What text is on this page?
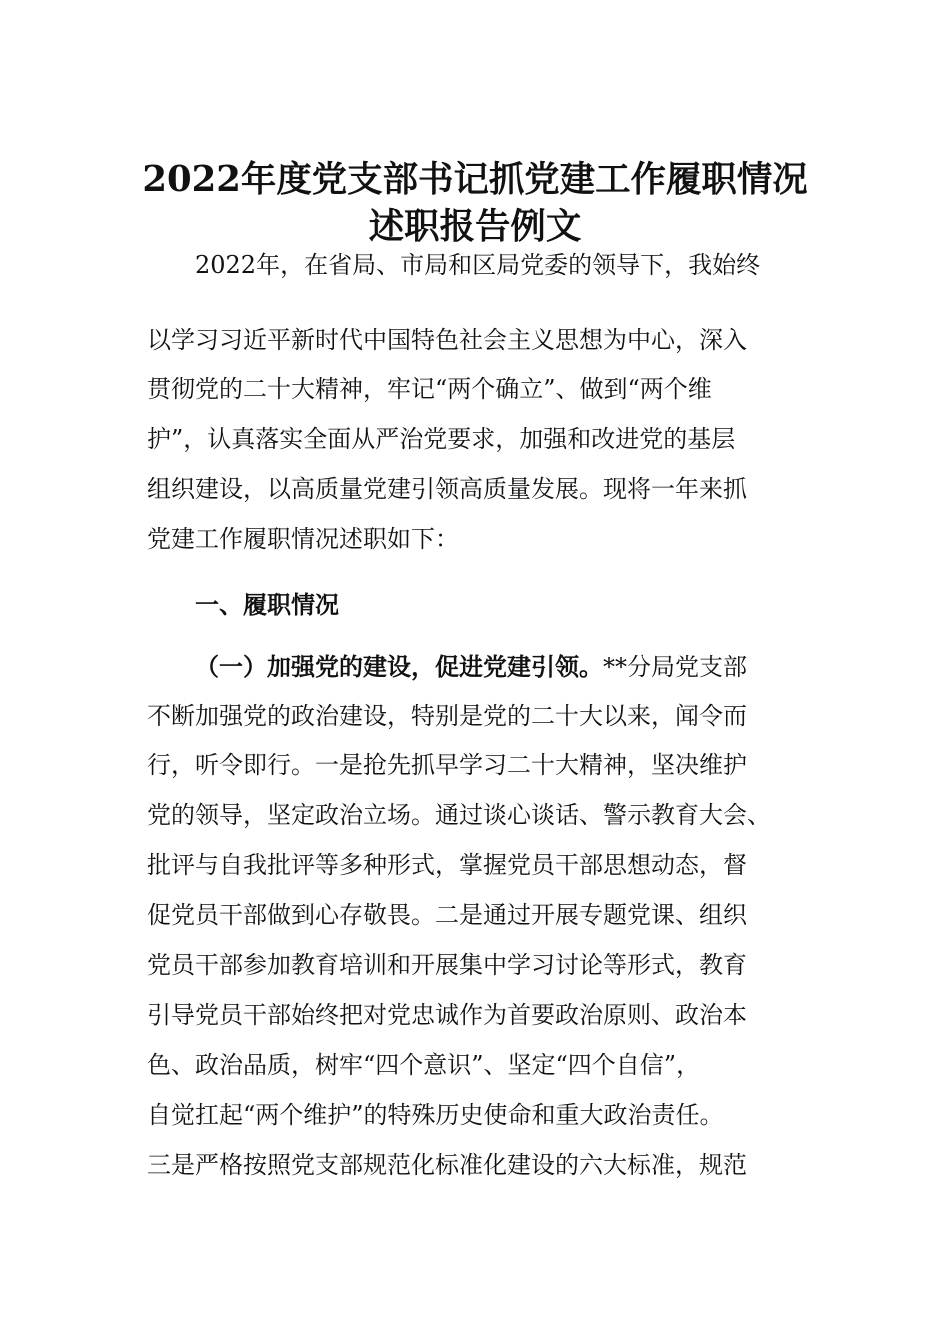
2022年度党支部书记抓党建工作履职情况
述职报告例文
2022年，在省局、市局和区局党委的领导下，我始终
以学习习近平新时代中国特色社会主义思想为中心，深入
贯彻党的二十大精神，牢记“两个确立”、做到“两个维
护”，认真落实全面从严治党要求，加强和改进党的基层
组织建设，以高质量党建引领高质量发展。现将一年来抓
党建工作履职情况述职如下：
一、履职情况
（一）加强党的建设，促进党建引领。**分局党支部
不断加强党的政治建设，特别是党的二十大以来，闻令而
行，听令即行。一是抢先抓早学习二十大精神，坚决维护
党的领导，坚定政治立场。通过谈心谈话、警示教育大会、
批评与自我批评等多种形式，掌握党员干部思想动态，督
促党员干部做到心存敬畏。二是通过开展专题党课、组织
党员干部参加教育培训和开展集中学习讨论等形式，教育
引导党员干部始终把对党忠诚作为首要政治原则、政治本
色、政治品质，树牢“四个意识”、坚定“四个自信”，
自觉扛起“两个维护”的特殊历史使命和重大政治责任。
三是严格按照党支部规范化标准化建设的六大标准，规范
